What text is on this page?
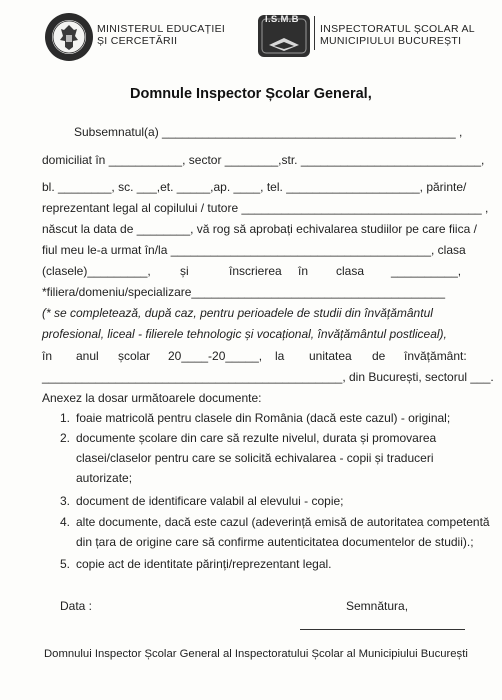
MINISTERUL EDUCAȚIEI
ȘI CERCETĂRII
I.S.M.B
INSPECTORATUL ȘCOLAR AL
MUNICIPIULUI BUCUREȘTI
Domnule Inspector Școlar General,
Subsemnatul(a) ____________________________________________ ,
domiciliat în ___________, sector ________,str. ___________________________,
bl. ________, sc. ___,et. _____,ap. ____, tel. ____________________, părinte/
reprezentant legal al copilului / tutore ____________________________________ ,
născut la data de ________, vă rog să aprobați echivalarea studiilor pe care fiica /
fiul meu le-a urmat în/la _______________________________________, clasa
(clasele)_________, și	înscrierea în clasa __________,
*filiera/domeniu/specializare______________________________________
(* se completează, după caz, pentru perioadele de studii din învățământul
profesional, liceal - filierele tehnologic și vocațional, învățământul postliceal),
în anul școlar 20____-20_____, la unitatea de învățământ:
_____________________________________________, din București, sectorul ___.
Anexez la dosar următoarele documente:
1. foaie matricolă pentru clasele din România (dacă este cazul) - original;
2. documente școlare din care să rezulte nivelul, durata și promovarea
clasei/claselor pentru care se solicită echivalarea - copii și traduceri
autorizate;
3. document de identificare valabil al elevului - copie;
4. alte documente, dacă este cazul (adeverință emisă de autoritatea competentă
din țara de origine care să confirme autenticitatea documentelor de studii).;
5. copie act de identitate părinți/reprezentant legal.
Data :	Semnătura,
Domnului Inspector Școlar General al Inspectoratului Școlar al Municipiului București
